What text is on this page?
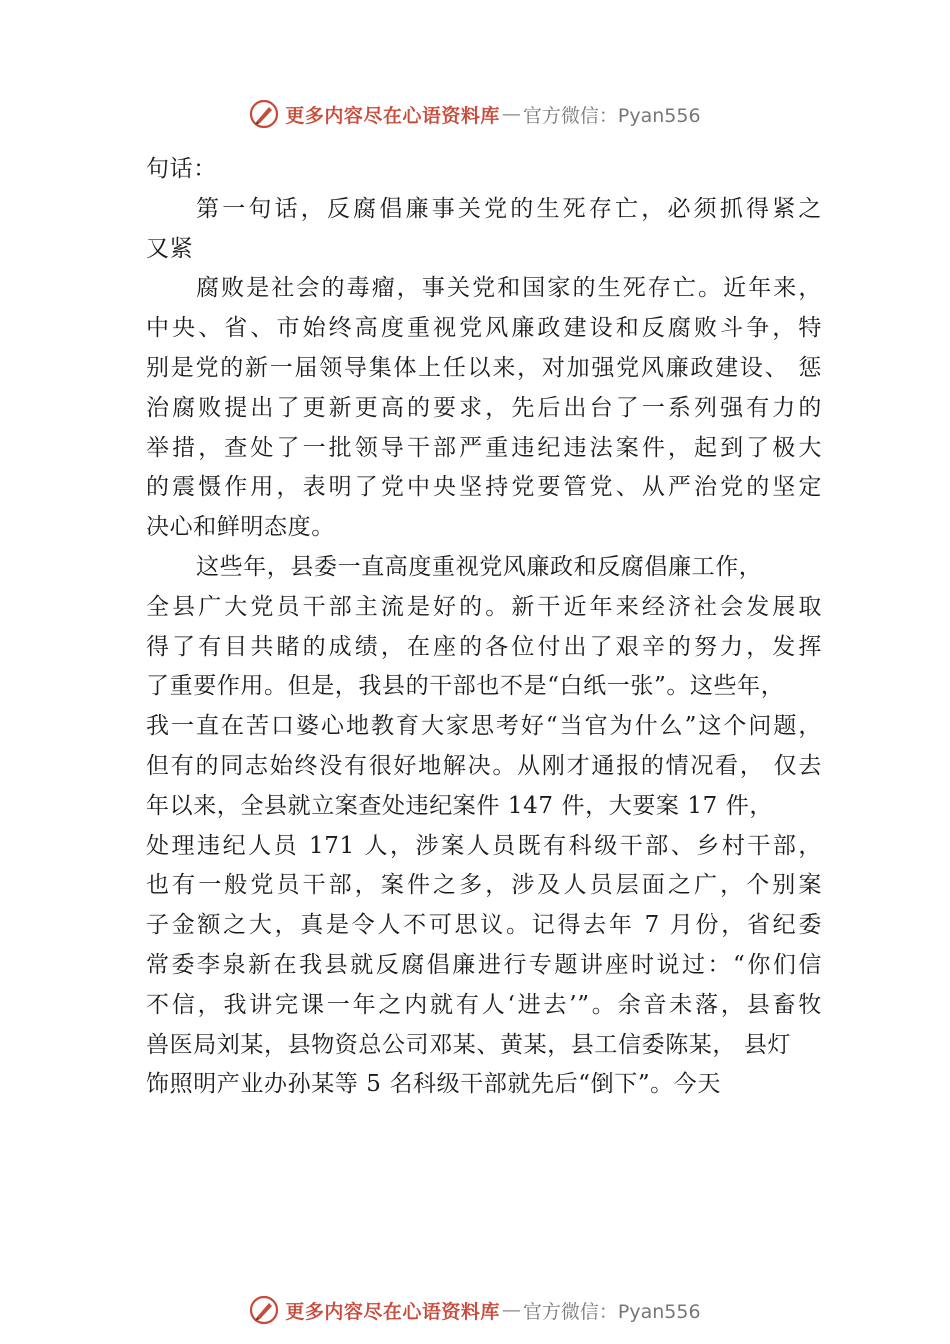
更多内容尽在心语资料库 — 官方微信：Pyan556
句话：
第一句话，反腐倡廉事关党的生死存亡，必须抓得紧之
又紧
腐败是社会的毒瘤，事关党和国家的生死存亡。近年来，
中央、省、市始终高度重视党风廉政建设和反腐败斗争，特
别是党的新一届领导集体上任以来，对加强党风廉政建设、 惩
治腐败提出了更新更高的要求，先后出台了一系列强有力的
举措，查处了一批领导干部严重违纪违法案件，起到了极大
的震慑作用，表明了党中央坚持党要管党、从严治党的坚定
决心和鲜明态度。
这些年，县委一直高度重视党风廉政和反腐倡廉工作，
全县广大党员干部主流是好的。新干近年来经济社会发展取
得了有目共睹的成绩，在座的各位付出了艰辛的努力，发挥
了重要作用。但是，我县的干部也不是“白纸一张”。这些年，
我一直在苦口婆心地教育大家思考好“当官为什么”这个问题，
但有的同志始终没有很好地解决。从刚才通报的情况看， 仅去
年以来，全县就立案查处违纪案件 147 件，大要案 17 件，
处理违纪人员 171 人，涉案人员既有科级干部、乡村干部，
也有一般党员干部，案件之多，涉及人员层面之广，个别案
子金额之大，真是令人不可思议。记得去年 7 月份，省纪委
常委李泉新在我县就反腐倡廉进行专题讲座时说过：“你们信
不信，我讲完课一年之内就有人‘进去’”。余音未落，县畜牧
兽医局刘某，县物资总公司邓某、黄某，县工信委陈某， 县灯
饰照明产业办孙某等 5 名科级干部就先后“倒下”。今天
更多内容尽在心语资料库 — 官方微信：Pyan556
